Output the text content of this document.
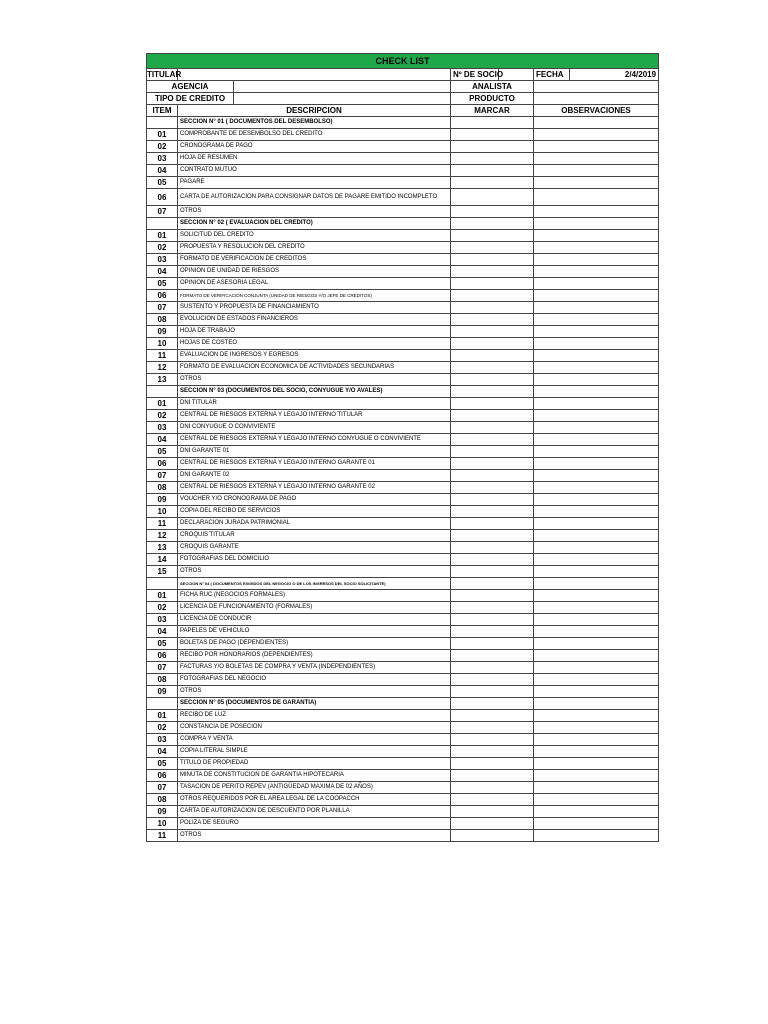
CHECK LIST						
TITULAR			Nº DE SOCIO		FECHA	2/4/2019
AGENCIA			ANALISTA			
TIPO DE CREDITO			PRODUCTO			
ITEM	DESCRIPCION		MARCAR		OBSERVACIONES	
	SECCION N° 01 ( DOCUMENTOS DEL DESEMBOLSO)					
01	COMPROBANTE DE DESEMBOLSO DEL CREDITO					
02	CRONOGRAMA DE PAGO					
03	HOJA DE RESUMEN					
04	CONTRATO MUTUO					
05	PAGARE					
06	CARTA DE AUTORIZACION PARA CONSIGNAR DATOS DE PAGARE EMITIDO INCOMPLETO					
07	OTROS					
	SECCION N° 02 ( EVALUACION DEL CREDITO)					
01	SOLICITUD DEL CREDITO					
02	PROPUESTA Y RESOLUCION DEL CREDITO					
03	FORMATO DE VERIFICACION DE CREDITOS					
04	OPINION DE UNIDAD DE RIESGOS					
05	OPINION DE ASESORIA LEGAL					
06	FORMATO DE VERIFICACION CONJUNTA (UNIDAD DE RIESGOS Y/O JEFE DE CREDITOS)					
07	SUSTENTO Y PROPUESTA DE FINANCIAMIENTO					
08	EVOLUCION DE ESTADOS FINANCIEROS					
09	HOJA DE TRABAJO					
10	HOJAS DE COSTEO					
11	EVALUACION DE INGRESOS Y EGRESOS					
12	FORMATO DE EVALUACION ECONOMICA DE ACTIVIDADES SECUNDARIAS					
13	OTROS					
	SECCION N° 03 (DOCUMENTOS DEL SOCIO, CONYUGUE Y/O AVALES)					
01	DNI TITULAR					
02	CENTRAL DE RIESGOS EXTERNA Y LEGAJO INTERNO TITULAR					
03	DNI CONYUGUE O CONVIVIENTE					
04	CENTRAL DE RIESGOS EXTERNA Y LEGAJO INTERNO CONYUGUE O CONVIVIENTE					
05	DNI GARANTE 01					
06	CENTRAL DE RIESGOS EXTERNA Y LEGAJO INTERNO GARANTE 01					
07	DNI GARANTE 02					
08	CENTRAL DE RIESGOS EXTERNA Y LEGAJO INTERNO GARANTE 02					
09	VOUCHER Y/O CRONOGRAMA DE PAGO					
10	COPIA DEL RECIBO DE SERVICIOS					
11	DECLARACION JURADA PATRIMONIAL					
12	CROQUIS TITULAR					
13	CROQUIS GARANTE					
14	FOTOGRAFIAS DEL DOMICILIO					
15	OTROS					
	SECCION N° 04 ( DOCUMENTOS EXIGIDOS DEL NEGOCIO O DE LOS INGRESOS DEL SOCIO SOLICITANTE)					
01	FICHA RUC (NEGOCIOS FORMALES)					
02	LICENCIA DE FUNCIONAMIENTO (FORMALES)					
03	LICENCIA DE CONDUCIR					
04	PAPELES DE VEHICULO					
05	BOLETAS DE PAGO (DEPENDIENTES)					
06	RECIBO POR HONORARIOS (DEPENDIENTES)					
07	FACTURAS Y/O BOLETAS DE COMPRA Y VENTA (INDEPENDIENTES)					
08	FOTOGRAFIAS DEL NEGOCIO					
09	OTROS					
	SECCION N° 05 (DOCUMENTOS DE GARANTIA)					
01	RECIBO DE LUZ					
02	CONSTANCIA DE POSECION					
03	COMPRA Y VENTA					
04	COPIA LITERAL SIMPLE					
05	TITULO DE PROPIEDAD					
06	MINUTA DE CONSTITUCION DE GARANTIA HIPOTECARIA					
07	TASACION DE PERITO REPEV (ANTIGÜEDAD MAXIMA DE 02 AÑOS)					
08	OTROS REQUERIDOS POR EL AREA LEGAL DE LA COOPACCH					
09	CARTA DE AUTORIZACION DE DESCUENTO POR PLANILLA					
10	POLIZA DE SEGURO					
11	OTROS					
